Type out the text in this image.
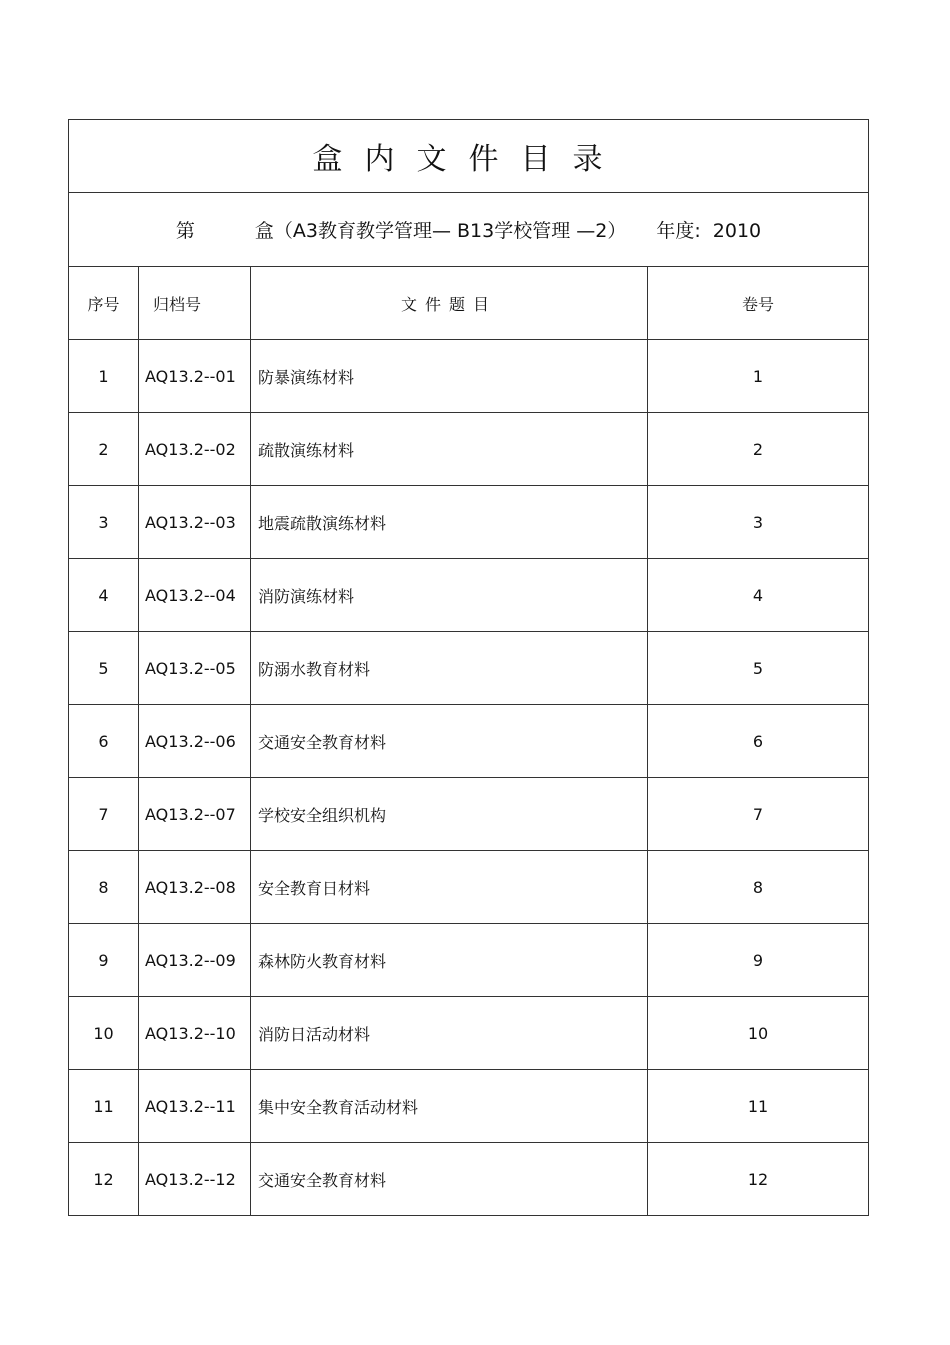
盒内文件目录			
第 盒（A3教育教学管理— B13学校管理 —2） 年度: 2010			
序号	归档号	文件题目	卷号
1	AQ13.2--01	防暴演练材料	1
2	AQ13.2--02	疏散演练材料	2
3	AQ13.2--03	地震疏散演练材料	3
4	AQ13.2--04	消防演练材料	4
5	AQ13.2--05	防溺水教育材料	5
6	AQ13.2--06	交通安全教育材料	6
7	AQ13.2--07	学校安全组织机构	7
8	AQ13.2--08	安全教育日材料	8
9	AQ13.2--09	森林防火教育材料	9
10	AQ13.2--10	消防日活动材料	10
11	AQ13.2--11	集中安全教育活动材料	11
12	AQ13.2--12	交通安全教育材料	12
